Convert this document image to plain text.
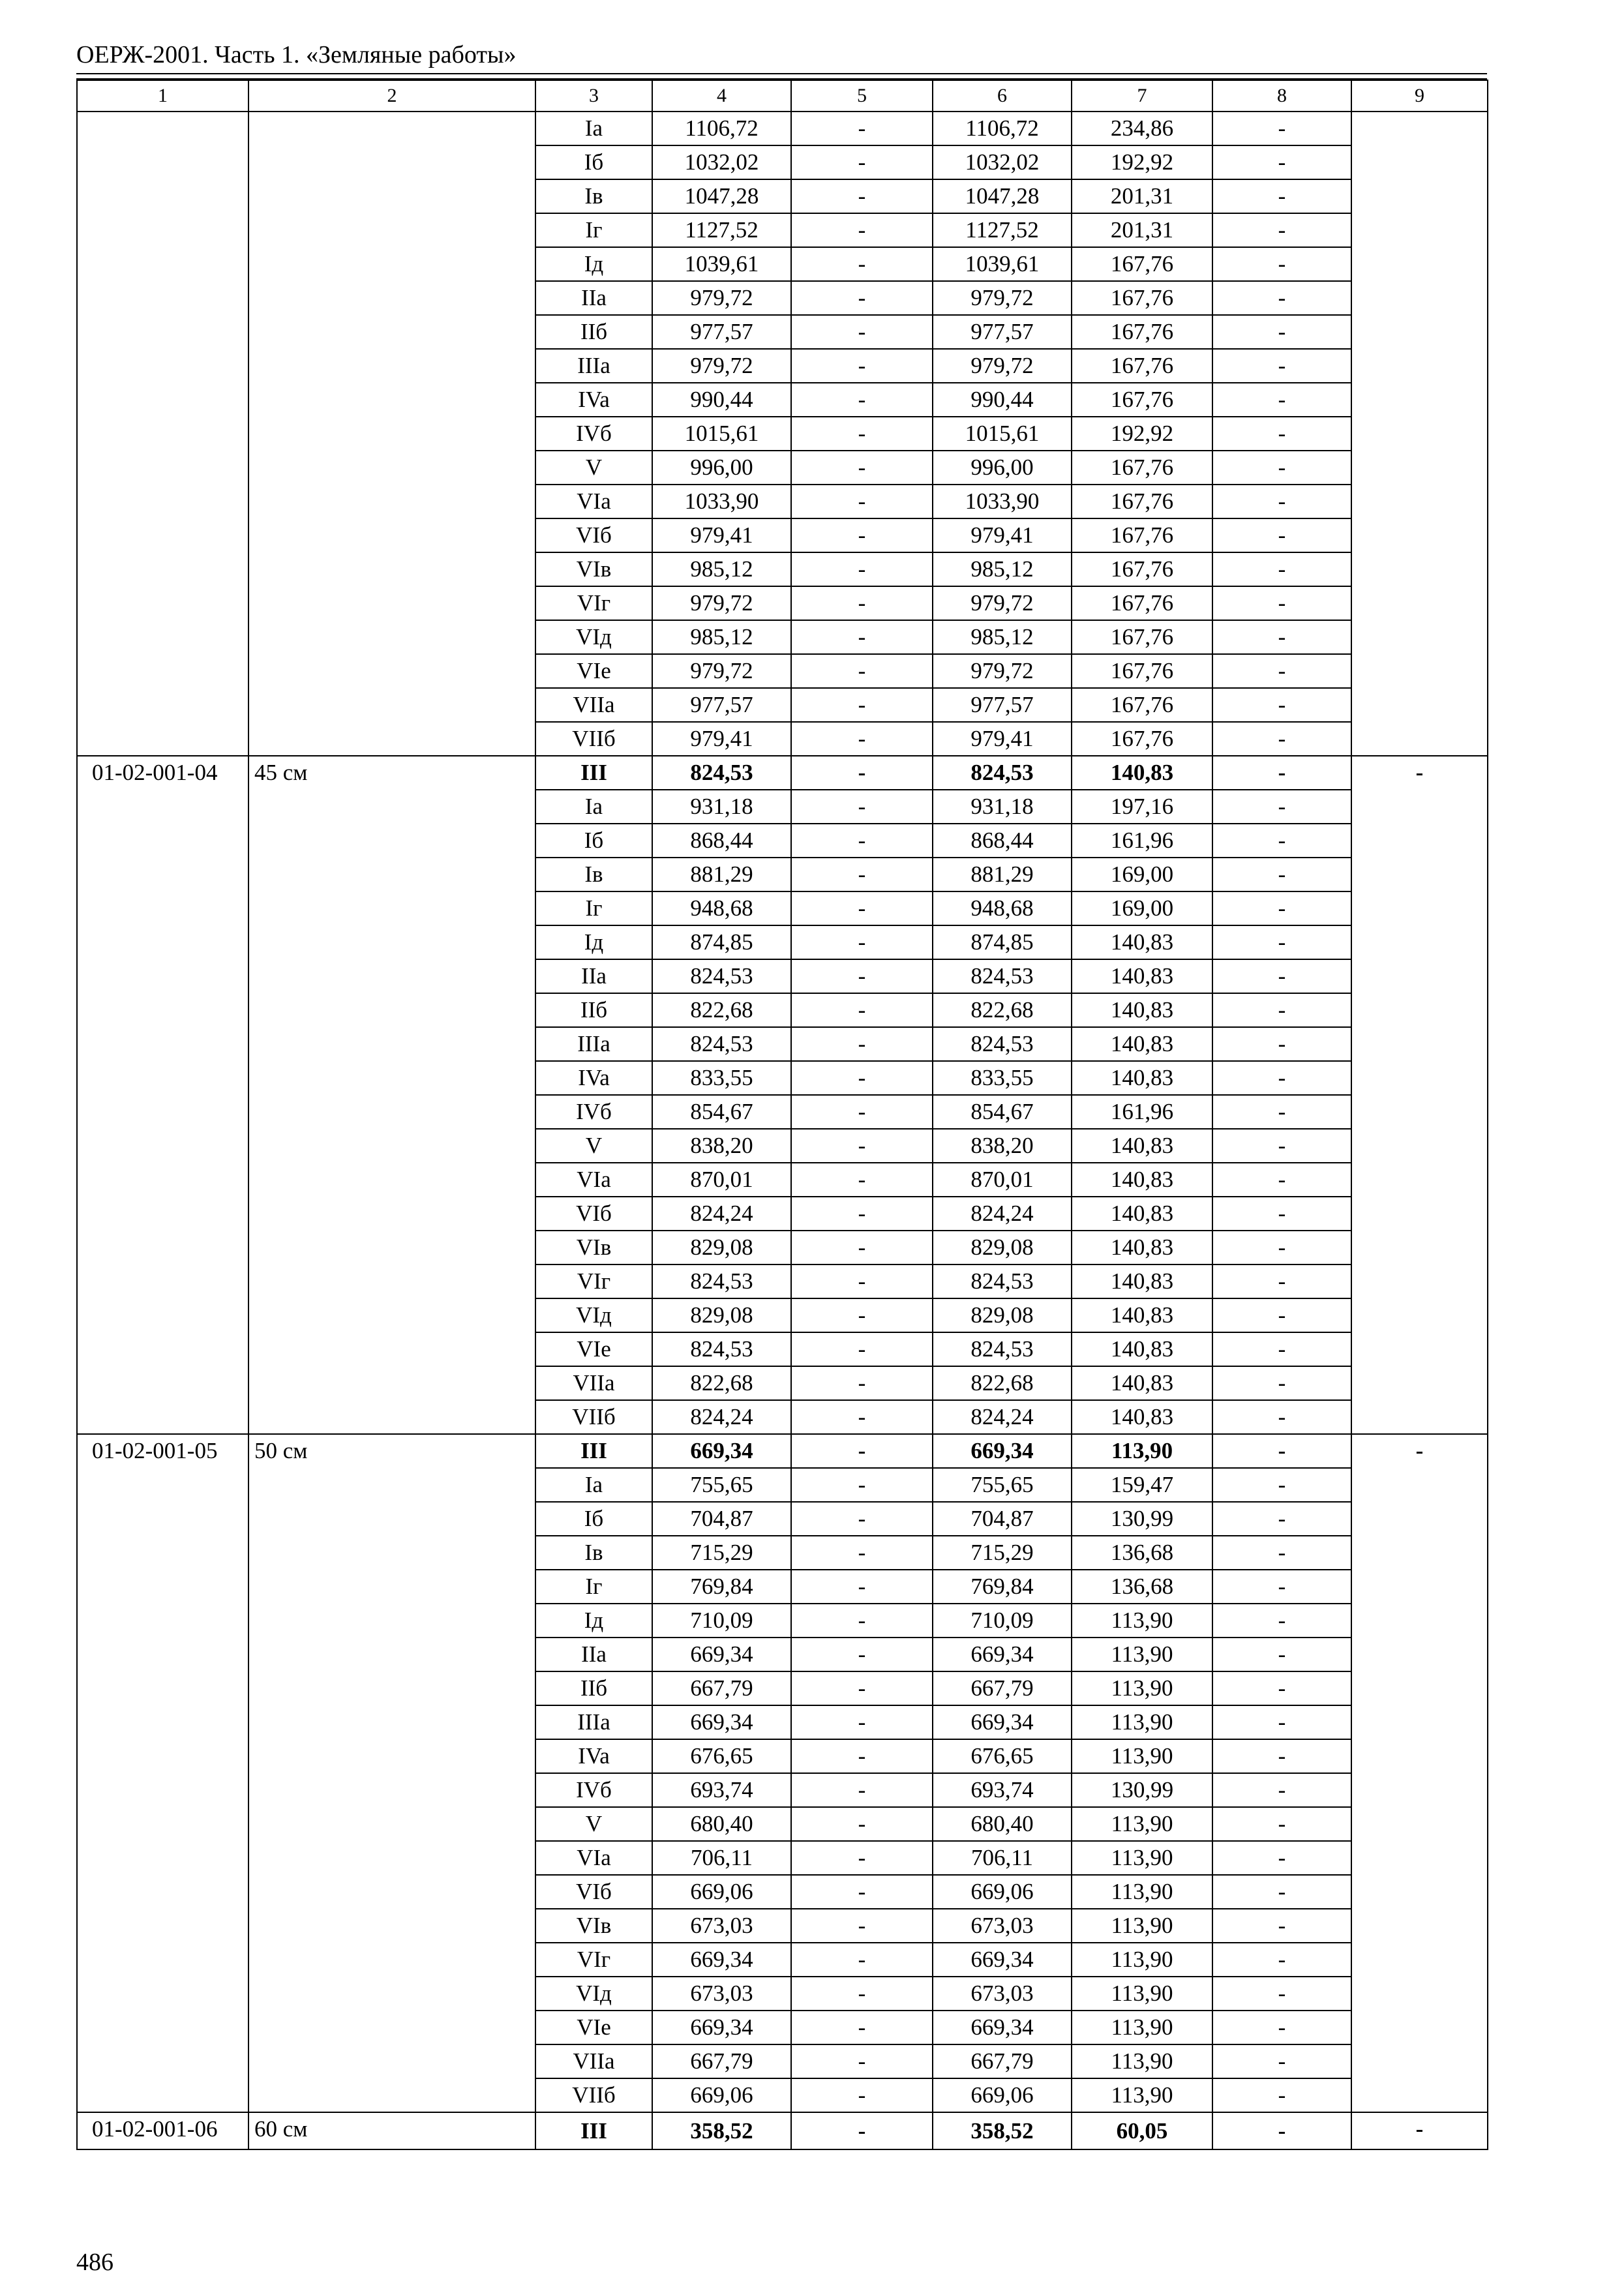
ОЕРЖ-2001. Часть 1. «Земляные работы»
1	2	3	4	5	6	7	8	9
		Ia	1106,72	-	1106,72	234,86	-	
		Iб	1032,02	-	1032,02	192,92	-	
		Iв	1047,28	-	1047,28	201,31	-	
		Iг	1127,52	-	1127,52	201,31	-	
		Iд	1039,61	-	1039,61	167,76	-	
		IIa	979,72	-	979,72	167,76	-	
		IIб	977,57	-	977,57	167,76	-	
		IIIa	979,72	-	979,72	167,76	-	
		IVa	990,44	-	990,44	167,76	-	
		IVб	1015,61	-	1015,61	192,92	-	
		V	996,00	-	996,00	167,76	-	
		VIa	1033,90	-	1033,90	167,76	-	
		VIб	979,41	-	979,41	167,76	-	
		VIв	985,12	-	985,12	167,76	-	
		VIг	979,72	-	979,72	167,76	-	
		VIд	985,12	-	985,12	167,76	-	
		VIe	979,72	-	979,72	167,76	-	
		VIIa	977,57	-	977,57	167,76	-	
		VIIб	979,41	-	979,41	167,76	-	
01-02-001-04	45 см	III	824,53	-	824,53	140,83	-	-
		Ia	931,18	-	931,18	197,16	-	
		Iб	868,44	-	868,44	161,96	-	
		Iв	881,29	-	881,29	169,00	-	
		Iг	948,68	-	948,68	169,00	-	
		Iд	874,85	-	874,85	140,83	-	
		IIa	824,53	-	824,53	140,83	-	
		IIб	822,68	-	822,68	140,83	-	
		IIIa	824,53	-	824,53	140,83	-	
		IVa	833,55	-	833,55	140,83	-	
		IVб	854,67	-	854,67	161,96	-	
		V	838,20	-	838,20	140,83	-	
		VIa	870,01	-	870,01	140,83	-	
		VIб	824,24	-	824,24	140,83	-	
		VIв	829,08	-	829,08	140,83	-	
		VIг	824,53	-	824,53	140,83	-	
		VIд	829,08	-	829,08	140,83	-	
		VIe	824,53	-	824,53	140,83	-	
		VIIa	822,68	-	822,68	140,83	-	
		VIIб	824,24	-	824,24	140,83	-	
01-02-001-05	50 см	III	669,34	-	669,34	113,90	-	-
		Ia	755,65	-	755,65	159,47	-	
		Iб	704,87	-	704,87	130,99	-	
		Iв	715,29	-	715,29	136,68	-	
		Iг	769,84	-	769,84	136,68	-	
		Iд	710,09	-	710,09	113,90	-	
		IIa	669,34	-	669,34	113,90	-	
		IIб	667,79	-	667,79	113,90	-	
		IIIa	669,34	-	669,34	113,90	-	
		IVa	676,65	-	676,65	113,90	-	
		IVб	693,74	-	693,74	130,99	-	
		V	680,40	-	680,40	113,90	-	
		VIa	706,11	-	706,11	113,90	-	
		VIб	669,06	-	669,06	113,90	-	
		VIв	673,03	-	673,03	113,90	-	
		VIг	669,34	-	669,34	113,90	-	
		VIд	673,03	-	673,03	113,90	-	
		VIe	669,34	-	669,34	113,90	-	
		VIIa	667,79	-	667,79	113,90	-	
		VIIб	669,06	-	669,06	113,90	-	
01-02-001-06	60 см	III	358,52	-	358,52	60,05	-	-
486
